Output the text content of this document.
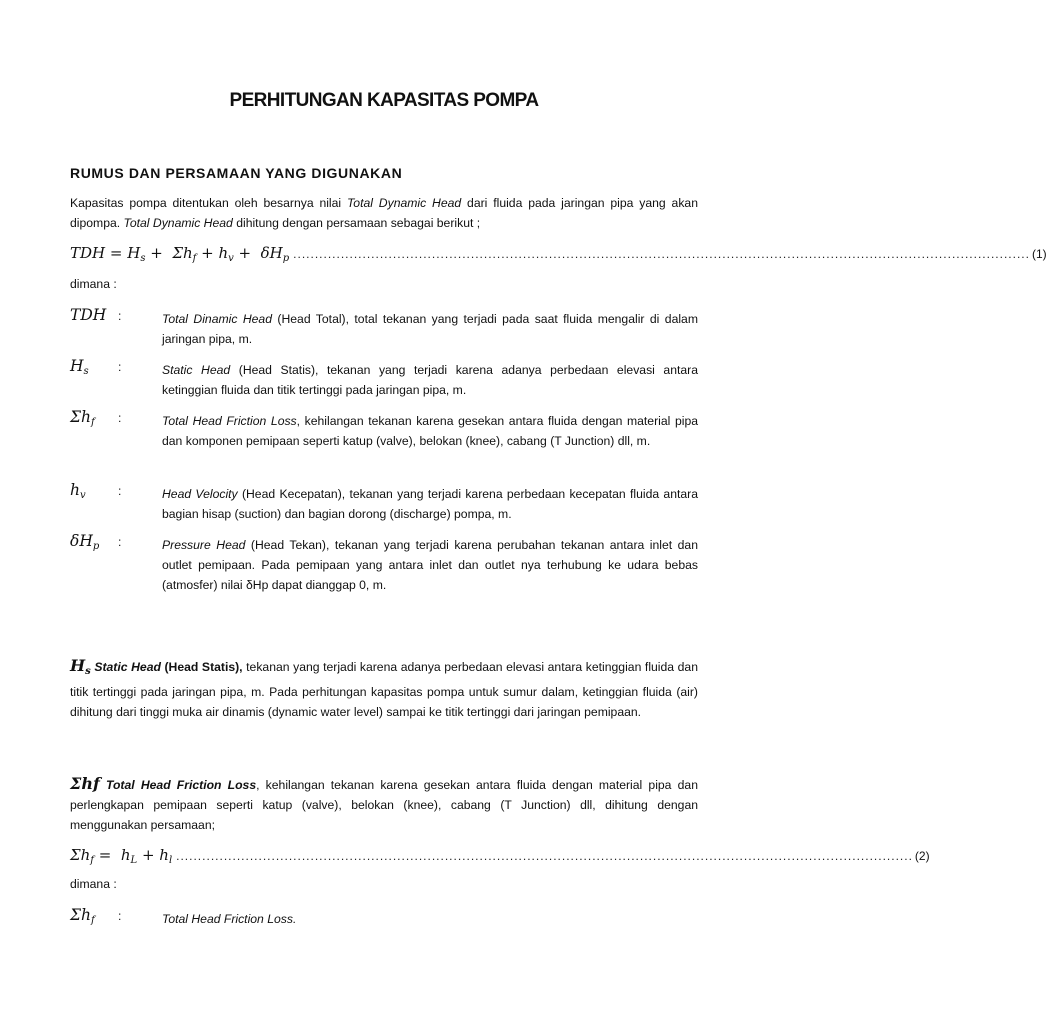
PERHITUNGAN KAPASITAS POMPA
RUMUS DAN PERSAMAAN YANG DIGUNAKAN
Kapasitas pompa ditentukan oleh besarnya nilai Total Dynamic Head dari fluida pada jaringan pipa yang akan dipompa. Total Dynamic Head dihitung dengan persamaan sebagai berikut ;
TDH = $H_s + \Sigma h_f + h_v + \delta H_p$ .......................................................................................................................................................................... (1)
dimana :
TDH :	Total Dinamic Head (Head Total), total tekanan yang terjadi pada saat fluida mengalir di dalam jaringan pipa, m.
$H_s$ :	Static Head (Head Statis), tekanan yang terjadi karena adanya perbedaan elevasi antara ketinggian fluida dan titik tertinggi pada jaringan pipa, m.
$\Sigma h_f$ :	Total Head Friction Loss, kehilangan tekanan karena gesekan antara fluida dengan material pipa dan komponen pemipaan seperti katup (valve), belokan (knee), cabang (T Junction) dll, m.
$h_v$	:	Head Velocity (Head Kecepatan), tekanan yang terjadi karena perbedaan kecepatan fluida antara bagian hisap (suction) dan bagian dorong (discharge) pompa, m.
$\delta H_p$ :	Pressure Head (Head Tekan), tekanan yang terjadi karena perubahan tekanan antara inlet dan outlet pemipaan. Pada pemipaan yang antara inlet dan outlet nya terhubung ke udara bebas (atmosfer) nilai δHp dapat dianggap 0, m.
$H_s$ Static Head (Head Statis), tekanan yang terjadi karena adanya perbedaan elevasi antara ketinggian fluida dan titik tertinggi pada jaringan pipa, m. Pada perhitungan kapasitas pompa untuk sumur dalam, ketinggian fluida (air) dihitung dari tinggi muka air dinamis (dynamic water level) sampai ke titik tertinggi dari jaringan pemipaan.
Σhf Total Head Friction Loss, kehilangan tekanan karena gesekan antara fluida dengan material pipa dan perlengkapan pemipaan seperti katup (valve), belokan (knee), cabang (T Junction) dll, dihitung dengan menggunakan persamaan;
$\Sigma h_f = h_L + h_l$ .......................................................................................................................................................................... (2)
dimana :
$\Sigma h_f$ :	Total Head Friction Loss.
